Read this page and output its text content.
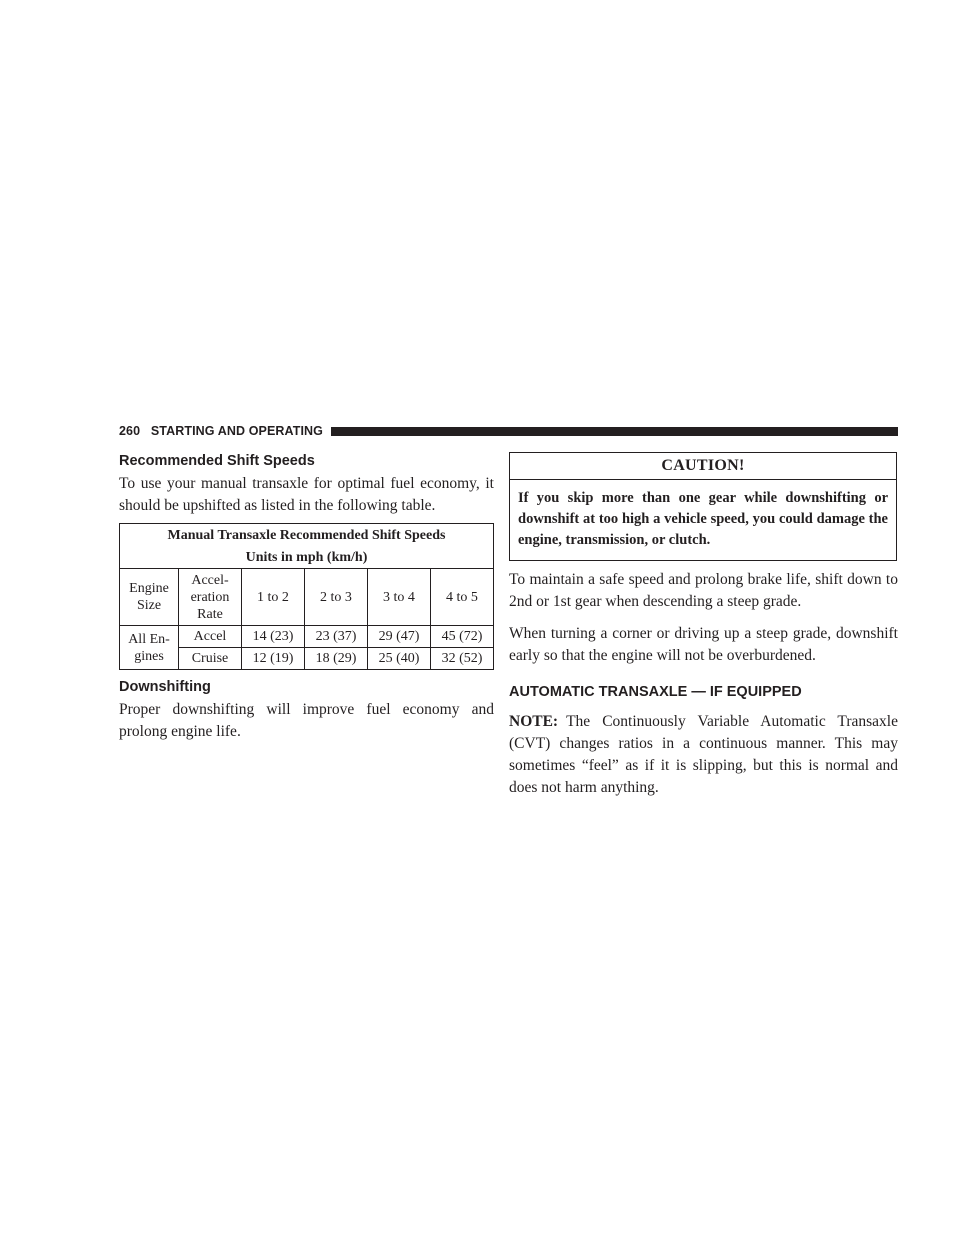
260 STARTING AND OPERATING
Recommended Shift Speeds

To use your manual transaxle for optimal fuel economy, it should be upshifted as listed in the following table.

Manual Transaxle Recommended Shift Speeds					
Units in mph (km/h)					
Engine Size	Accel-eration Rate	1 to 2	2 to 3	3 to 4	4 to 5
All En-gines	Accel	14 (23)	23 (37)	29 (47)	45 (72)
	Cruise	12 (19)	18 (29)	25 (40)	32 (52)
Downshifting

Proper downshifting will improve fuel economy and prolong engine life.

CAUTION!
If you skip more than one gear while downshifting or downshift at too high a vehicle speed, you could damage the engine, transmission, or clutch.

To maintain a safe speed and prolong brake life, shift down to 2nd or 1st gear when descending a steep grade.

When turning a corner or driving up a steep grade, downshift early so that the engine will not be overburdened.

AUTOMATIC TRANSAXLE — IF EQUIPPED

NOTE: The Continuously Variable Automatic Transaxle (CVT) changes ratios in a continuous manner. This may sometimes “feel” as if it is slipping, but this is normal and does not harm anything.
